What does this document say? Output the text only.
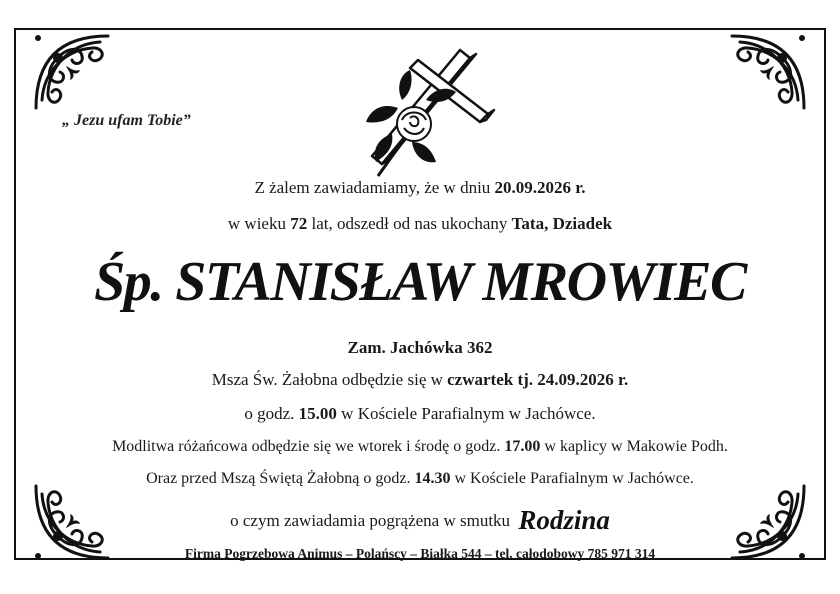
„ Jezu ufam Tobie”
Z żalem zawiadamiamy, że w dniu 20.09.2026 r.
w wieku 72 lat, odszedł od nas ukochany Tata, Dziadek
Śp. STANISŁAW MROWIEC
Zam. Jachówka 362
Msza Św. Żałobna odbędzie się w czwartek tj. 24.09.2026 r.
o godz. 15.00 w Kościele Parafialnym w Jachówce.
Modlitwa różańcowa odbędzie się we wtorek i środę o godz. 17.00 w kaplicy w Makowie Podh.
Oraz przed Mszą Świętą Żałobną o godz. 14.30 w Kościele Parafialnym w Jachówce.
o czym zawiadamia pogrążena w smutku Rodzina
Firma Pogrzebowa Animus – Polańscy – Białka 544 – tel. całodobowy 785 971 314
